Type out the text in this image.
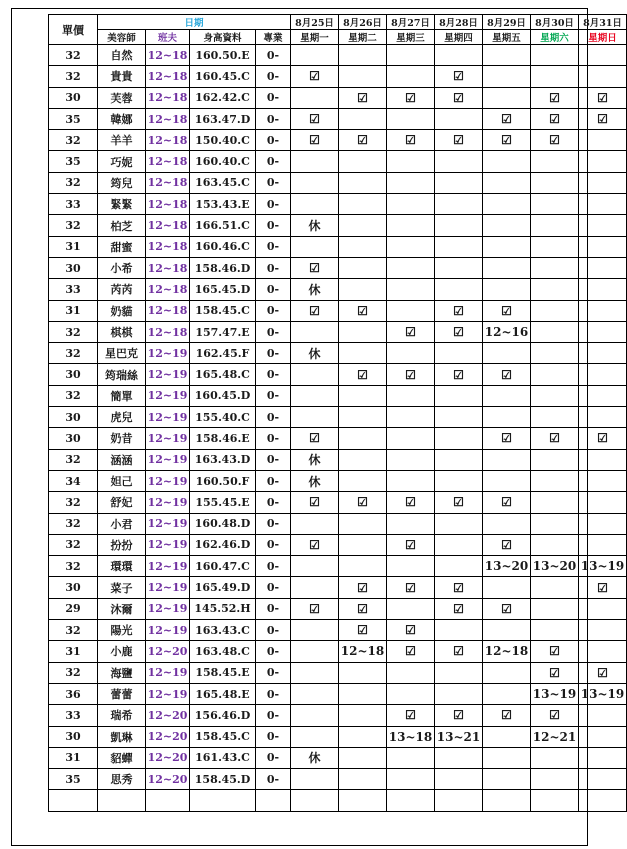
單價	日期				8月25日	8月26日	8月27日	8月28日	8月29日	8月30日	8月31日
	美容師	班夫	身高資料	專業	星期一	星期二	星期三	星期四	星期五	星期六	星期日
32	自然	12~18	160.50.E	0-							
32	貴貴	12~18	160.45.C	0-	☑			☑			
30	芙蓉	12~18	162.42.C	0-		☑	☑	☑		☑	☑
35	韓娜	12~18	163.47.D	0-	☑				☑	☑	☑
32	羊羊	12~18	150.40.C	0-	☑	☑	☑	☑	☑	☑	
35	巧妮	12~18	160.40.C	0-							
32	筠兒	12~18	163.45.C	0-							
33	緊緊	12~18	153.43.E	0-							
32	柏芝	12~18	166.51.C	0-	休						
31	甜蜜	12~18	160.46.C	0-							
30	小希	12~18	158.46.D	0-	☑						
33	芮芮	12~18	165.45.D	0-	休						
31	奶貓	12~18	158.45.C	0-	☑	☑		☑	☑		
32	棋棋	12~18	157.47.E	0-			☑	☑	12~16		
32	星巴克	12~19	162.45.F	0-	休						
30	筠瑞絲	12~19	165.48.C	0-		☑	☑	☑	☑		
32	簡單	12~19	160.45.D	0-							
30	虎兒	12~19	155.40.C	0-							
30	奶昔	12~19	158.46.E	0-	☑				☑	☑	☑
32	涵涵	12~19	163.43.D	0-	休						
34	妲己	12~19	160.50.F	0-	休						
32	舒妃	12~19	155.45.E	0-	☑	☑	☑	☑	☑		
32	小君	12~19	160.48.D	0-							
32	扮扮	12~19	162.46.D	0-	☑		☑		☑		
32	環環	12~19	160.47.C	0-					13~20	13~20	13~19
30	菜子	12~19	165.49.D	0-		☑	☑	☑			☑
29	沐爾	12~19	145.52.H	0-	☑	☑		☑	☑		
32	陽光	12~19	163.43.C	0-		☑	☑				
31	小鹿	12~20	163.48.C	0-		12~18	☑	☑	12~18	☑	
32	海鹽	12~19	158.45.E	0-						☑	☑
36	蕾蕾	12~19	165.48.E	0-						13~19	13~19
33	瑞希	12~20	156.46.D	0-			☑	☑	☑	☑	
30	凱琳	12~20	158.45.C	0-			13~18	13~21		12~21	
31	貂蟬	12~20	161.43.C	0-	休						
35	思秀	12~20	158.45.D	0-							
